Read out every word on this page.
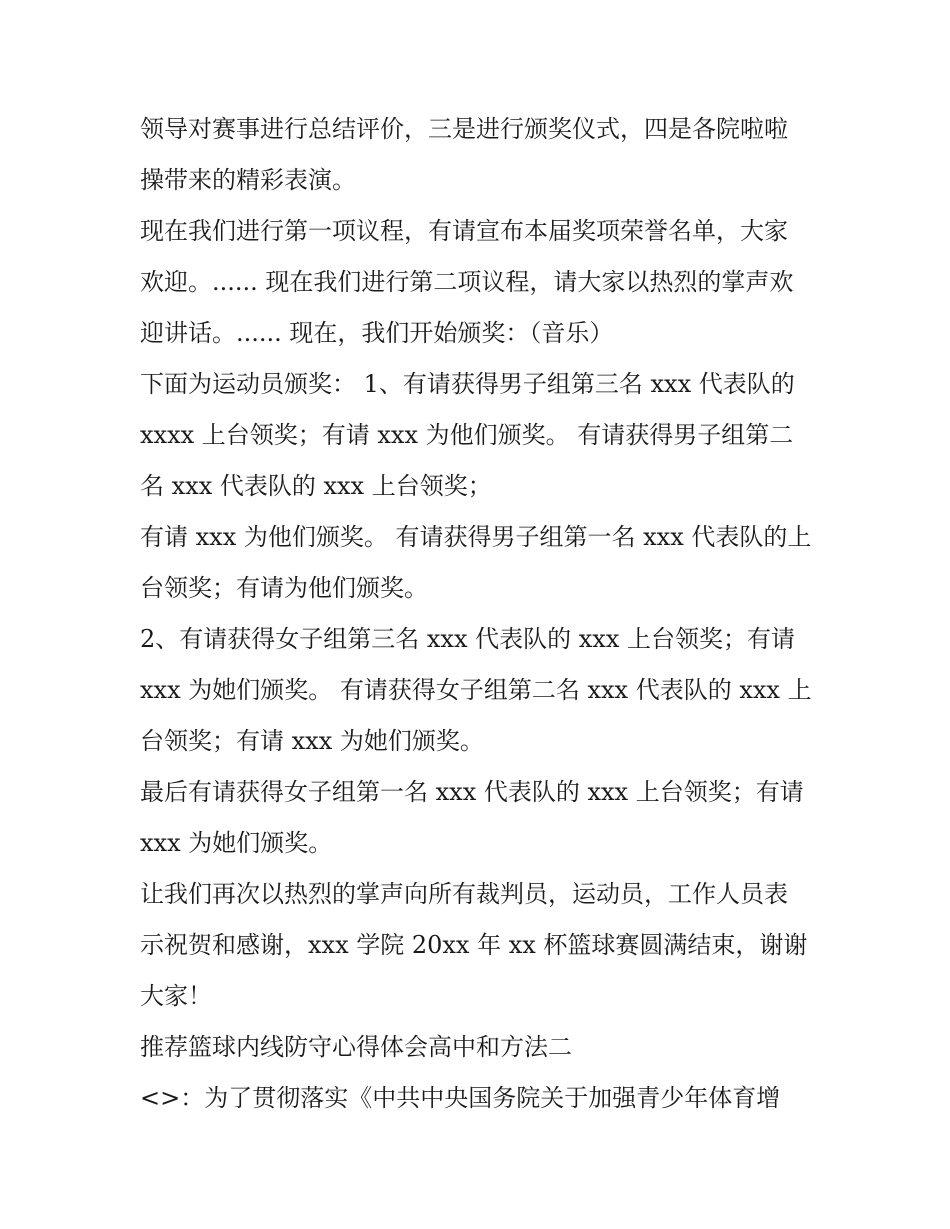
领导对赛事进行总结评价，三是进行颁奖仪式，四是各院啦啦
操带来的精彩表演。

现在我们进行第一项议程，有请宣布本届奖项荣誉名单，大家
欢迎。...... 现在我们进行第二项议程，请大家以热烈的掌声欢
迎讲话。...... 现在，我们开始颁奖：（音乐）

下面为运动员颁奖： 1、有请获得男子组第三名 xxx 代表队的
xxxx 上台领奖；有请 xxx 为他们颁奖。 有请获得男子组第二
名 xxx 代表队的 xxx 上台领奖；

有请 xxx 为他们颁奖。 有请获得男子组第一名 xxx 代表队的上
台领奖；有请为他们颁奖。

2、有请获得女子组第三名 xxx 代表队的 xxx 上台领奖；有请
xxx 为她们颁奖。 有请获得女子组第二名 xxx 代表队的 xxx 上
台领奖；有请 xxx 为她们颁奖。

最后有请获得女子组第一名 xxx 代表队的 xxx 上台领奖；有请
xxx 为她们颁奖。

让我们再次以热烈的掌声向所有裁判员，运动员，工作人员表
示祝贺和感谢，xxx 学院 20xx 年 xx 杯篮球赛圆满结束，谢谢
大家！

推荐篮球内线防守心得体会高中和方法二

<>：为了贯彻落实《中共中央国务院关于加强青少年体育增
